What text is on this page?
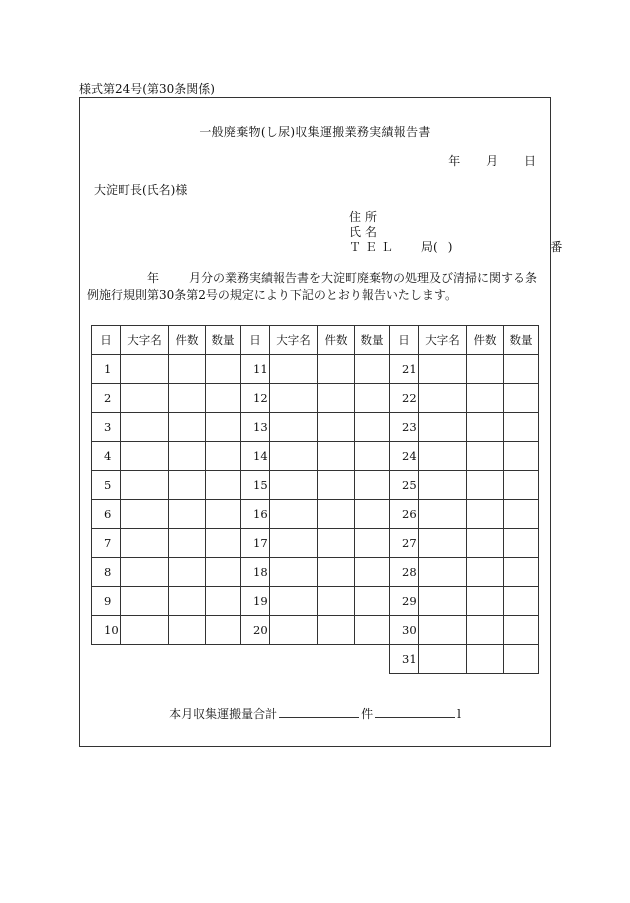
様式第24号(第30条関係)
一般廃棄物(し尿)収集運搬業務実績報告書
年 月 日
大淀町長(氏名)様
住所
氏名
ＴＥＬ 局( )	番
年	月分の業務実績報告書を大淀町廃棄物の処理及び清掃に関する条例施行規則第30条第2号の規定により下記のとおり報告いたします。
日	大字名	件数	数量	日	大字名	件数	数量	日	大字名	件数	数量
1				11				21			
2				12				22			
3				13				23			
4				14				24			
5				15				25			
6				16				26			
7				17				27			
8				18				28			
9				19				29			
10				20				30			
								31			
本月収集運搬量合計	件	l
